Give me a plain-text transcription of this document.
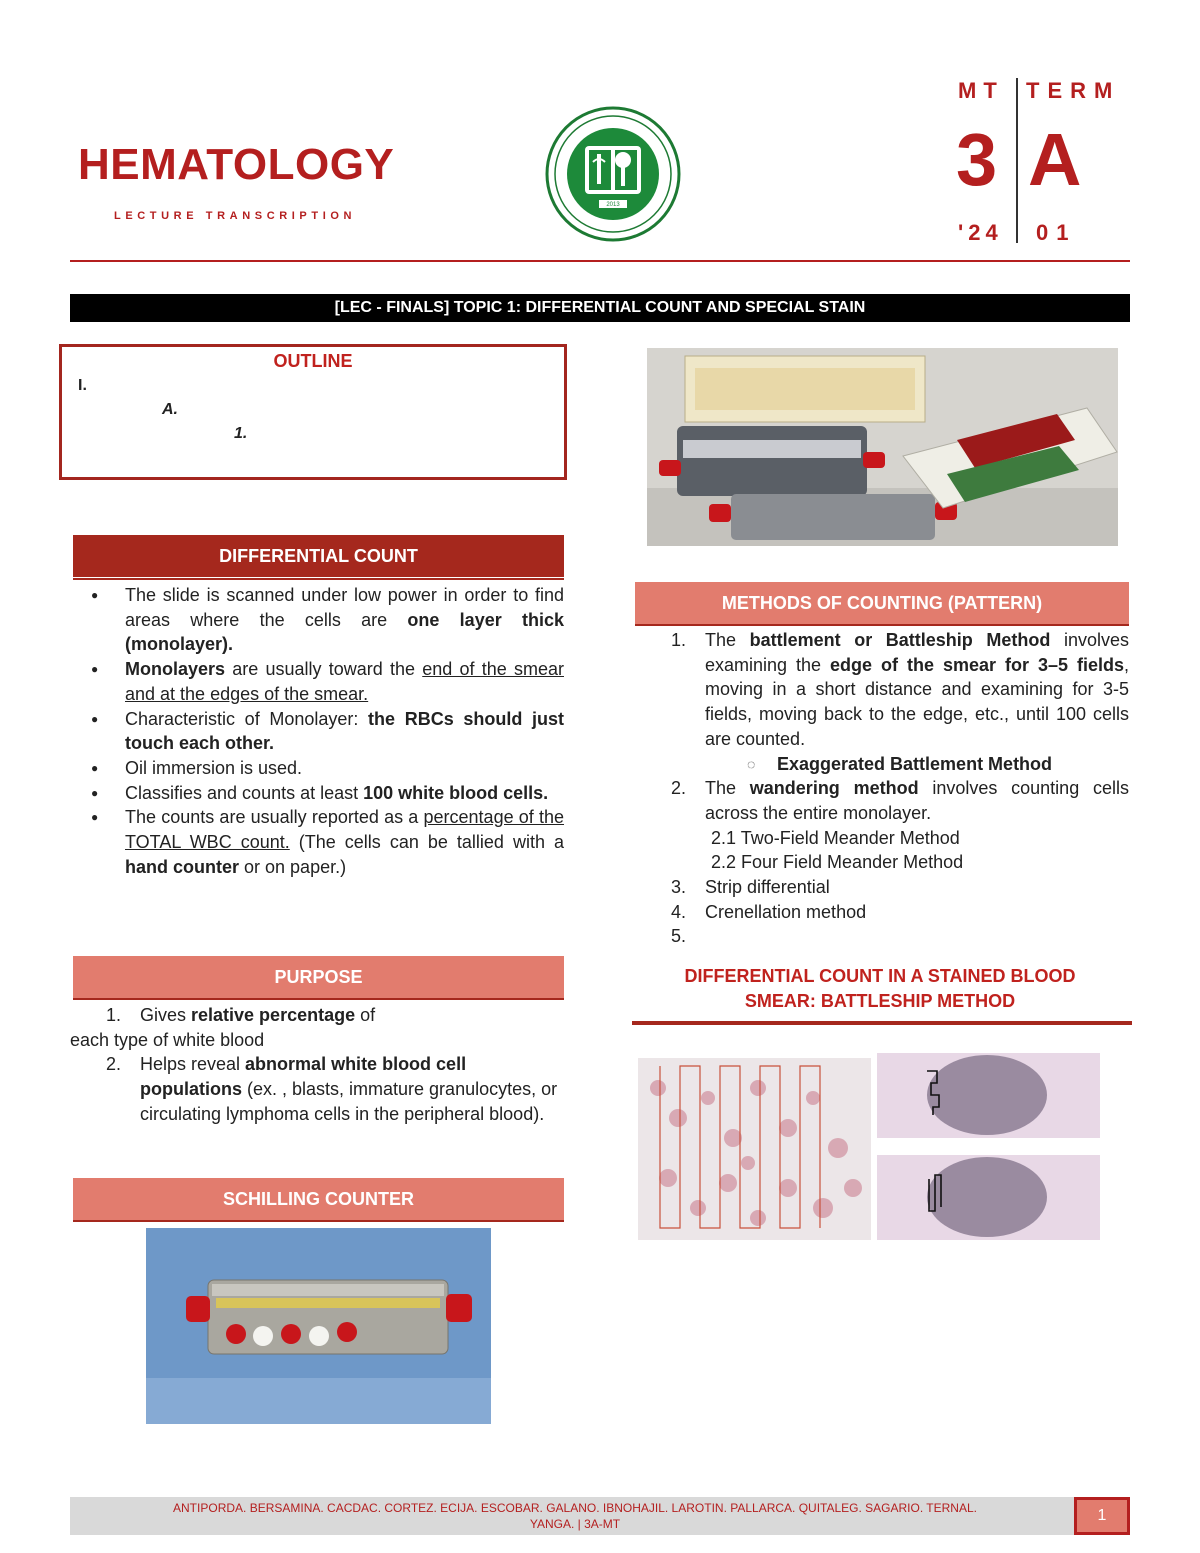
HEMATOLOGY
LECTURE TRANSCRIPTION
2013
MT TERM
3 A
'24 01
[LEC - FINALS] TOPIC 1: DIFFERENTIAL COUNT AND SPECIAL STAIN
OUTLINE
I.
A.
1.
DIFFERENTIAL COUNT
● The slide is scanned under low power in order to find areas where the cells are one layer thick (monolayer).
● Monolayers are usually toward the end of the smear and at the edges of the smear.
● Characteristic of Monolayer: the RBCs should just touch each other.
● Oil immersion is used.
● Classifies and counts at least 100 white blood cells.
● The counts are usually reported as a percentage of the TOTAL WBC count. (The cells can be tallied with a hand counter or on paper.)
PURPOSE
1. Gives relative percentage of
each type of white blood
2. Helps reveal abnormal white blood cell populations (ex. , blasts, immature granulocytes, or circulating lymphoma cells in the peripheral blood).
SCHILLING COUNTER
METHODS OF COUNTING (PATTERN)
1. The battlement or Battleship Method involves examining the edge of the smear for 3–5 fields, moving in a short distance and examining for 3-5 fields, moving back to the edge, etc., until 100 cells are counted.
◌ Exaggerated Battlement Method
2. The wandering method involves counting cells across the entire monolayer.
2.1 Two-Field Meander Method
2.2 Four Field Meander Method
3. Strip differential
4. Crenellation method
5.
DIFFERENTIAL COUNT IN A STAINED BLOOD
SMEAR: BATTLESHIP METHOD
ANTIPORDA. BERSAMINA. CACDAC. CORTEZ. ECIJA. ESCOBAR. GALANO. IBNOHAJIL. LAROTIN. PALLARCA. QUITALEG. SAGARIO. TERNAL.
YANGA. | 3A-MT	1
